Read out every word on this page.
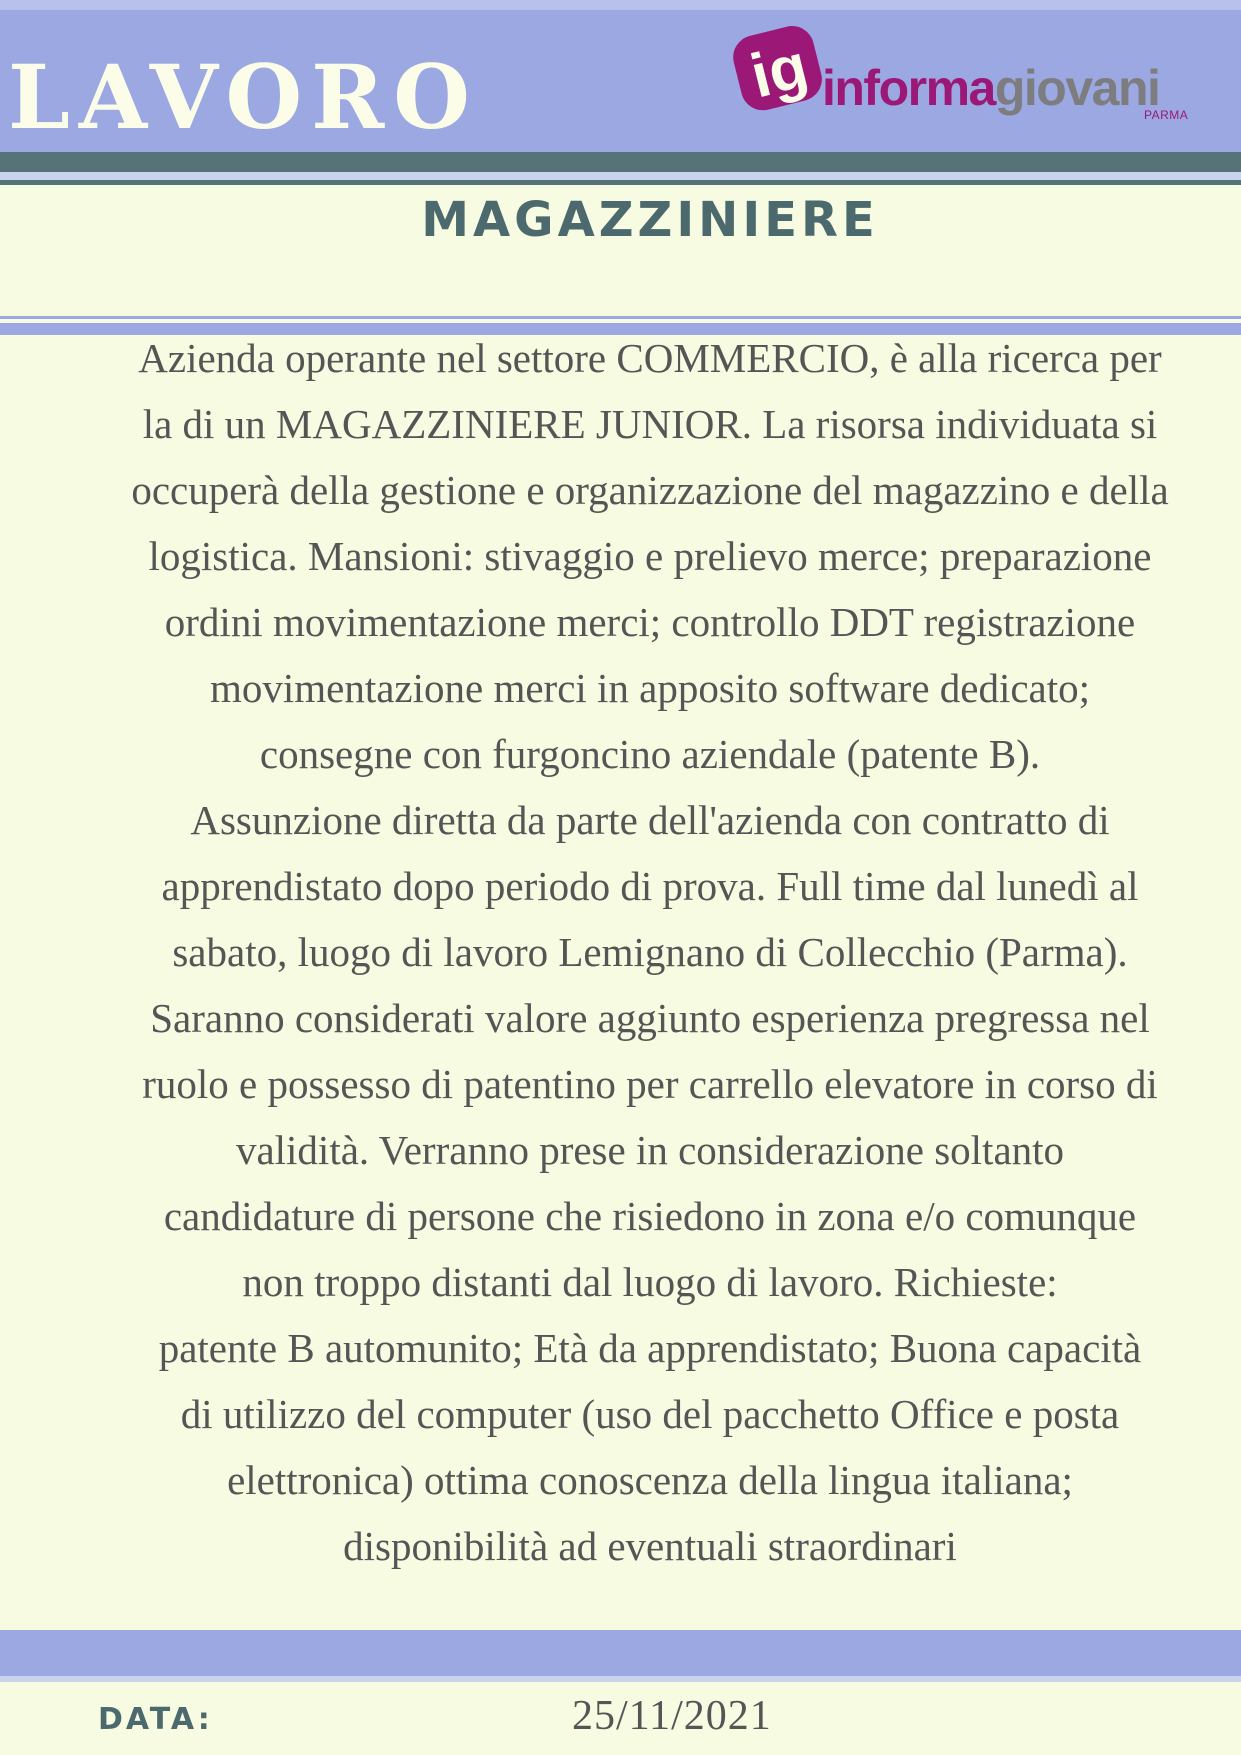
LAVORO	ig informagiovani
PARMA
MAGAZZINIERE
Azienda operante nel settore COMMERCIO, è alla ricerca per
la di un MAGAZZINIERE JUNIOR. La risorsa individuata si
occuperà della gestione e organizzazione del magazzino e della
logistica. Mansioni: stivaggio e prelievo merce; preparazione
ordini movimentazione merci; controllo DDT registrazione
movimentazione merci in apposito software dedicato;
consegne con furgoncino aziendale (patente B).
Assunzione diretta da parte dell'azienda con contratto di
apprendistato dopo periodo di prova. Full time dal lunedì al
sabato, luogo di lavoro Lemignano di Collecchio (Parma).
Saranno considerati valore aggiunto esperienza pregressa nel
ruolo e possesso di patentino per carrello elevatore in corso di
validità. Verranno prese in considerazione soltanto
candidature di persone che risiedono in zona e/o comunque
non troppo distanti dal luogo di lavoro. Richieste:
patente B automunito; Età da apprendistato; Buona capacità
di utilizzo del computer (uso del pacchetto Office e posta
elettronica) ottima conoscenza della lingua italiana;
disponibilità ad eventuali straordinari
DATA:	25/11/2021
